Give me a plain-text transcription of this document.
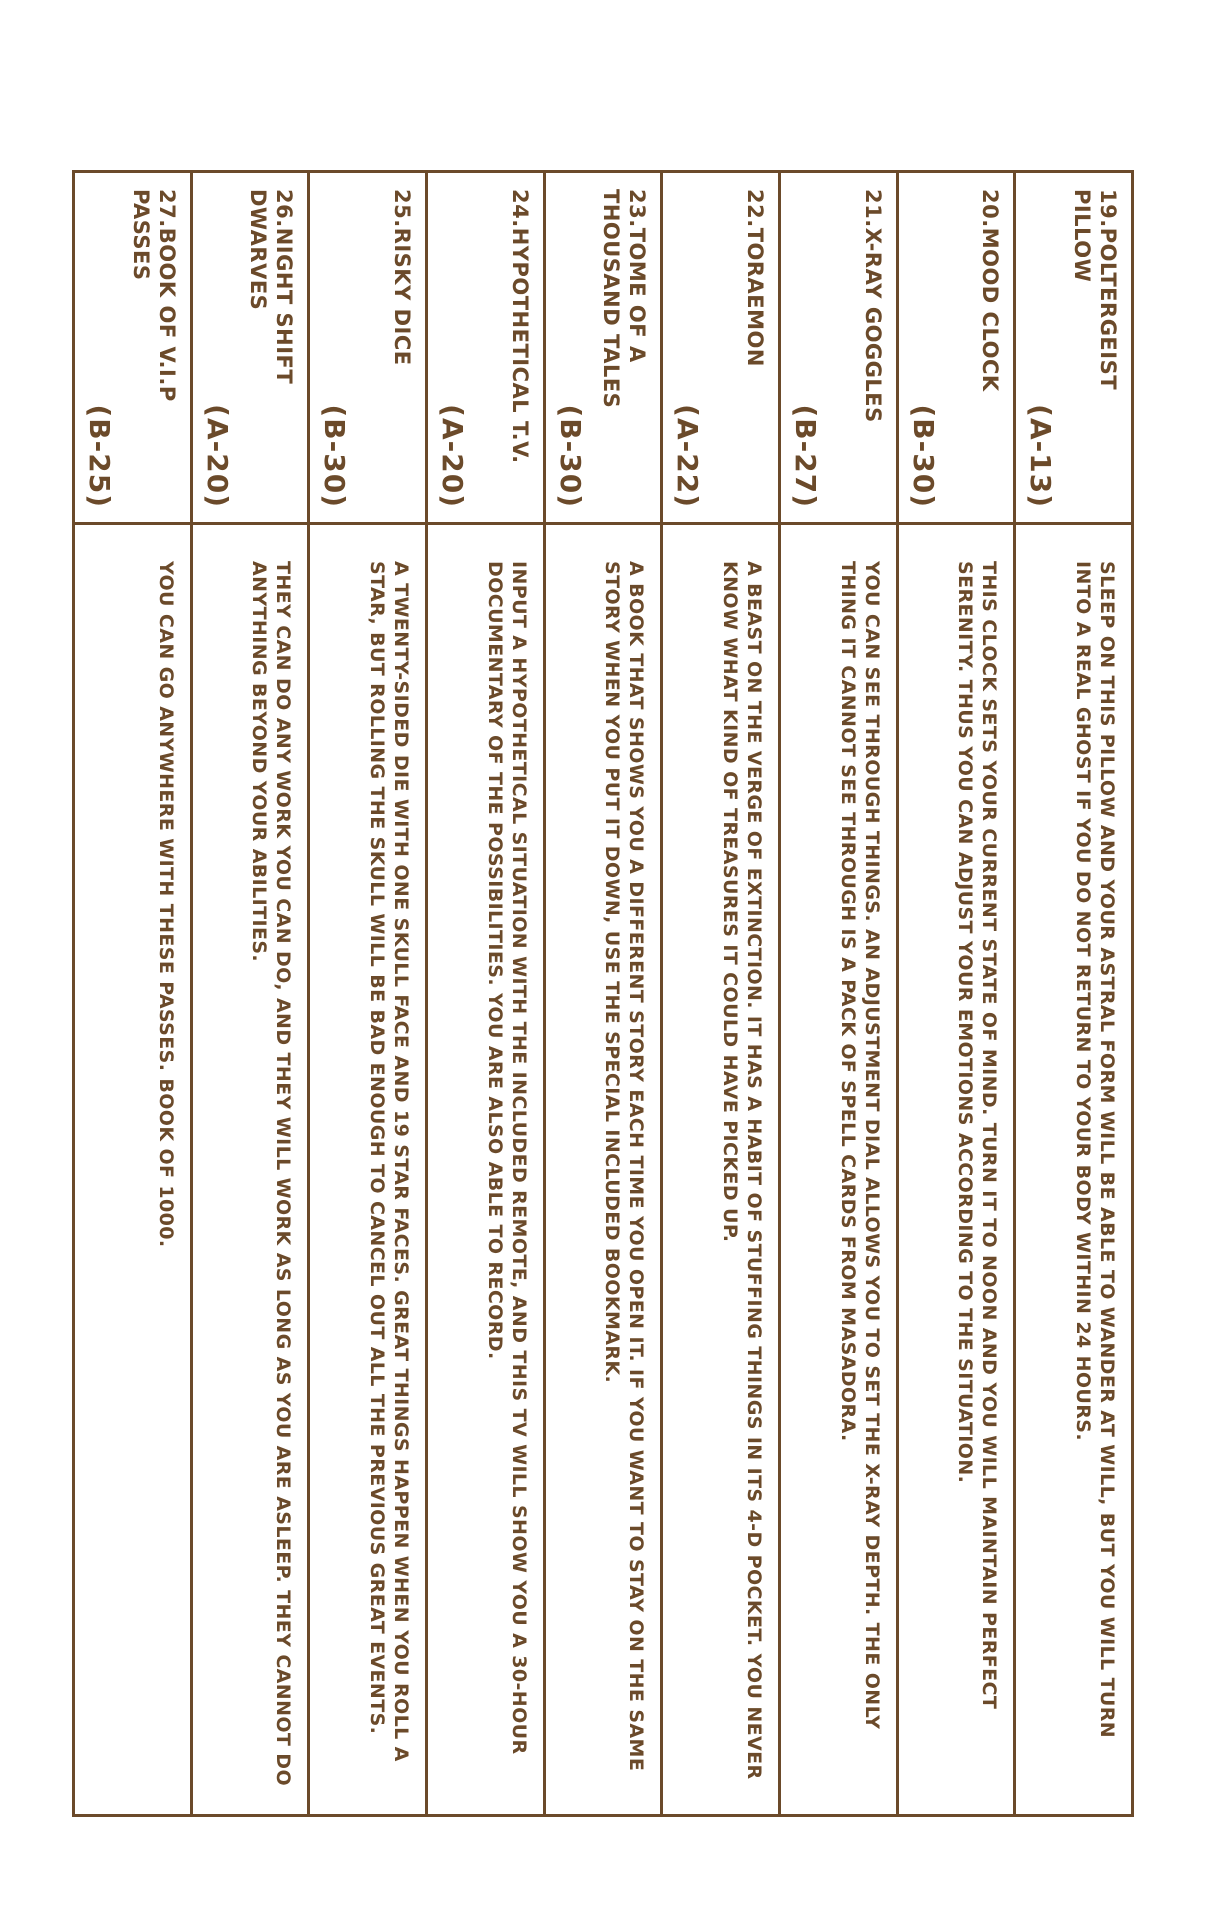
19.POLTERGEIST PILLOW
(A-13)
SLEEP ON THIS PILLOW AND YOUR ASTRAL FORM WILL BE ABLE TO WANDER AT WILL, BUT YOU WILL TURN INTO A REAL GHOST IF YOU DO NOT RETURN TO YOUR BODY WITHIN 24 HOURS.
20.MOOD CLOCK
(B-30)
THIS CLOCK SETS YOUR CURRENT STATE OF MIND. TURN IT TO NOON AND YOU WILL MAINTAIN PERFECT SERENITY. THUS YOU CAN ADJUST YOUR EMOTIONS ACCORDING TO THE SITUATION.
21.X-RAY GOGGLES
(B-27)
YOU CAN SEE THROUGH THINGS. AN ADJUSTMENT DIAL ALLOWS YOU TO SET THE X-RAY DEPTH. THE ONLY THING IT CANNOT SEE THROUGH IS A PACK OF SPELL CARDS FROM MASADORA.
22.TORAEMON
(A-22)
A BEAST ON THE VERGE OF EXTINCTION. IT HAS A HABIT OF STUFFING THINGS IN ITS 4-D POCKET. YOU NEVER KNOW WHAT KIND OF TREASURES IT COULD HAVE PICKED UP.
23.TOME OF A THOUSAND TALES
(B-30)
A BOOK THAT SHOWS YOU A DIFFERENT STORY EACH TIME YOU OPEN IT. IF YOU WANT TO STAY ON THE SAME STORY WHEN YOU PUT IT DOWN, USE THE SPECIAL INCLUDED BOOKMARK.
24.HYPOTHETICAL T.V.
(A-20)
INPUT A HYPOTHETICAL SITUATION WITH THE INCLUDED REMOTE, AND THIS TV WILL SHOW YOU A 30-HOUR DOCUMENTARY OF THE POSSIBILITIES. YOU ARE ALSO ABLE TO RECORD.
25.RISKY DICE
(B-30)
A TWENTY-SIDED DIE WITH ONE SKULL FACE AND 19 STAR FACES. GREAT THINGS HAPPEN WHEN YOU ROLL A STAR, BUT ROLLING THE SKULL WILL BE BAD ENOUGH TO CANCEL OUT ALL THE PREVIOUS GREAT EVENTS.
26.NIGHT SHIFT DWARVES
(A-20)
THEY CAN DO ANY WORK YOU CAN DO, AND THEY WILL WORK AS LONG AS YOU ARE ASLEEP. THEY CANNOT DO ANYTHING BEYOND YOUR ABILITIES.
27.BOOK OF V.I.P PASSES
(B-25)
YOU CAN GO ANYWHERE WITH THESE PASSES. BOOK OF 1000.
